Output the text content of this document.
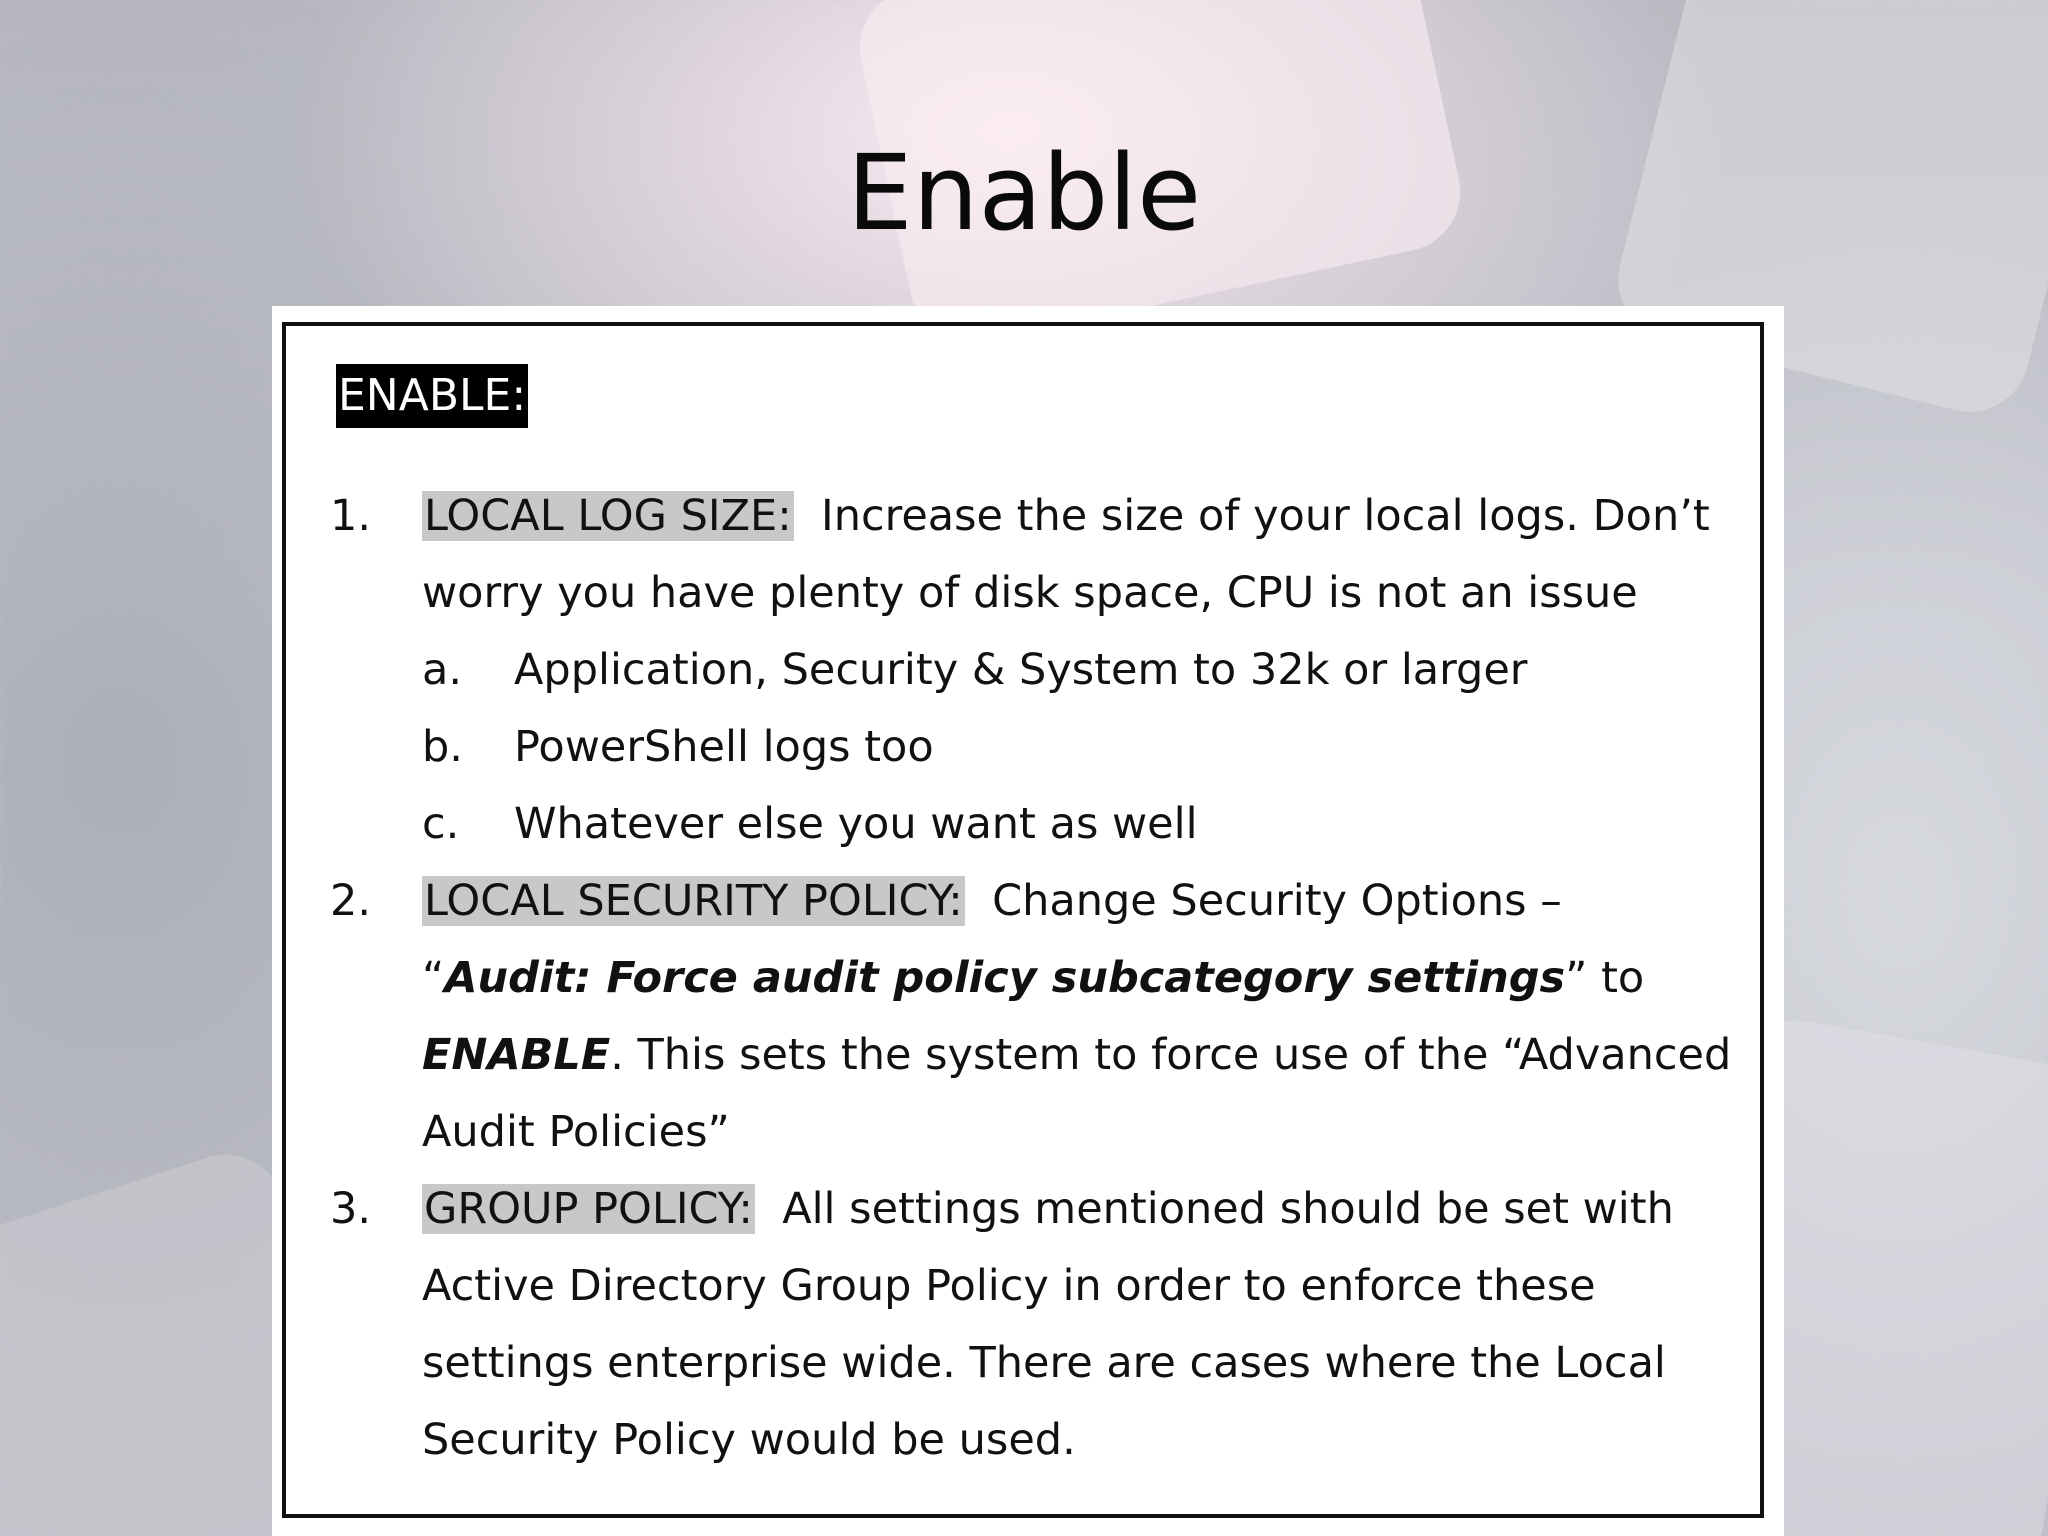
Enable
ENABLE:
1. LOCAL LOG SIZE: Increase the size of your local logs. Don’t worry you have plenty of disk space, CPU is not an issue
a. Application, Security & System to 32k or larger
b. PowerShell logs too
c. Whatever else you want as well
2. LOCAL SECURITY POLICY: Change Security Options – “Audit: Force audit policy subcategory settings” to ENABLE. This sets the system to force use of the “Advanced Audit Policies”
3. GROUP POLICY: All settings mentioned should be set with Active Directory Group Policy in order to enforce these settings enterprise wide. There are cases where the Local Security Policy would be used.
